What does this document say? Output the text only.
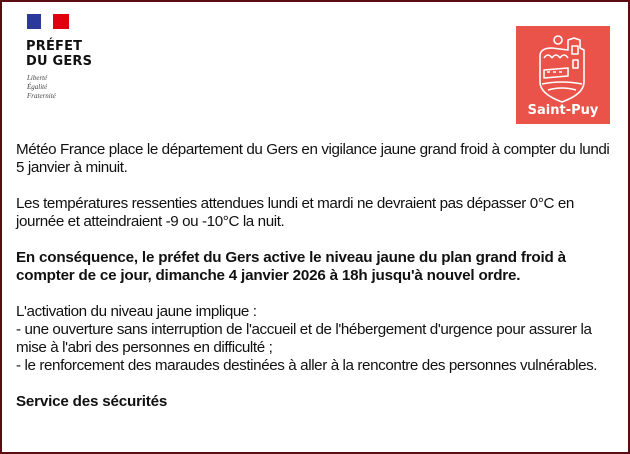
PRÉFET
DU GERS
Liberté
Égalité
Fraternité
Saint-Puy

Météo France place le département du Gers en vigilance jaune grand froid à compter du lundi 5 janvier à minuit.

Les températures ressenties attendues lundi et mardi ne devraient pas dépasser 0°C en journée et atteindraient -9 ou -10°C la nuit.

En conséquence, le préfet du Gers active le niveau jaune du plan grand froid à compter de ce jour, dimanche 4 janvier 2026 à 18h jusqu'à nouvel ordre.

L'activation du niveau jaune implique :
- une ouverture sans interruption de l'accueil et de l'hébergement d'urgence pour assurer la mise à l'abri des personnes en difficulté ;
- le renforcement des maraudes destinées à aller à la rencontre des personnes vulnérables.

Service des sécurités
